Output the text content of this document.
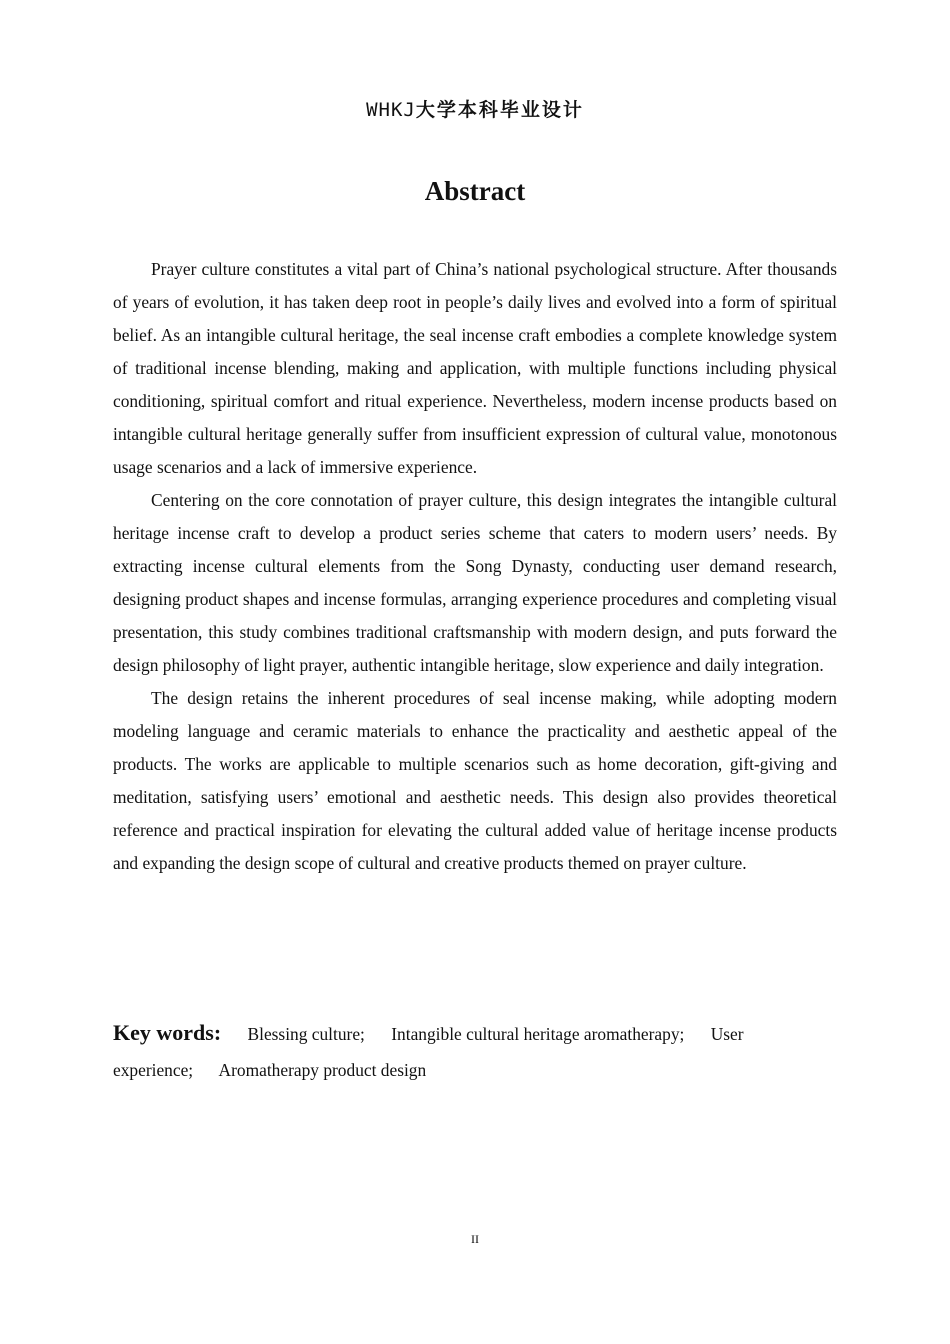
WHKJ大学本科毕业设计
Abstract

Prayer culture constitutes a vital part of China’s national psychological structure. After thousands of years of evolution, it has taken deep root in people’s daily lives and evolved into a form of spiritual belief. As an intangible cultural heritage, the seal incense craft embodies a complete knowledge system of traditional incense blending, making and application, with multiple functions including physical conditioning, spiritual comfort and ritual experience. Nevertheless, modern incense products based on intangible cultural heritage generally suffer from insufficient expression of cultural value, monotonous usage scenarios and a lack of immersive experience.

Centering on the core connotation of prayer culture, this design integrates the intangible cultural heritage incense craft to develop a product series scheme that caters to modern users’ needs. By extracting incense cultural elements from the Song Dynasty, conducting user demand research, designing product shapes and incense formulas, arranging experience procedures and completing visual presentation, this study combines traditional craftsmanship with modern design, and puts forward the design philosophy of light prayer, authentic intangible heritage, slow experience and daily integration.

The design retains the inherent procedures of seal incense making, while adopting modern modeling language and ceramic materials to enhance the practicality and aesthetic appeal of the products. The works are applicable to multiple scenarios such as home decoration, gift-giving and meditation, satisfying users’ emotional and aesthetic needs. This design also provides theoretical reference and practical inspiration for elevating the cultural added value of heritage incense products and expanding the design scope of cultural and creative products themed on prayer culture.

Key words: Blessing culture; Intangible cultural heritage aromatherapy; User experience; Aromatherapy product design
II
